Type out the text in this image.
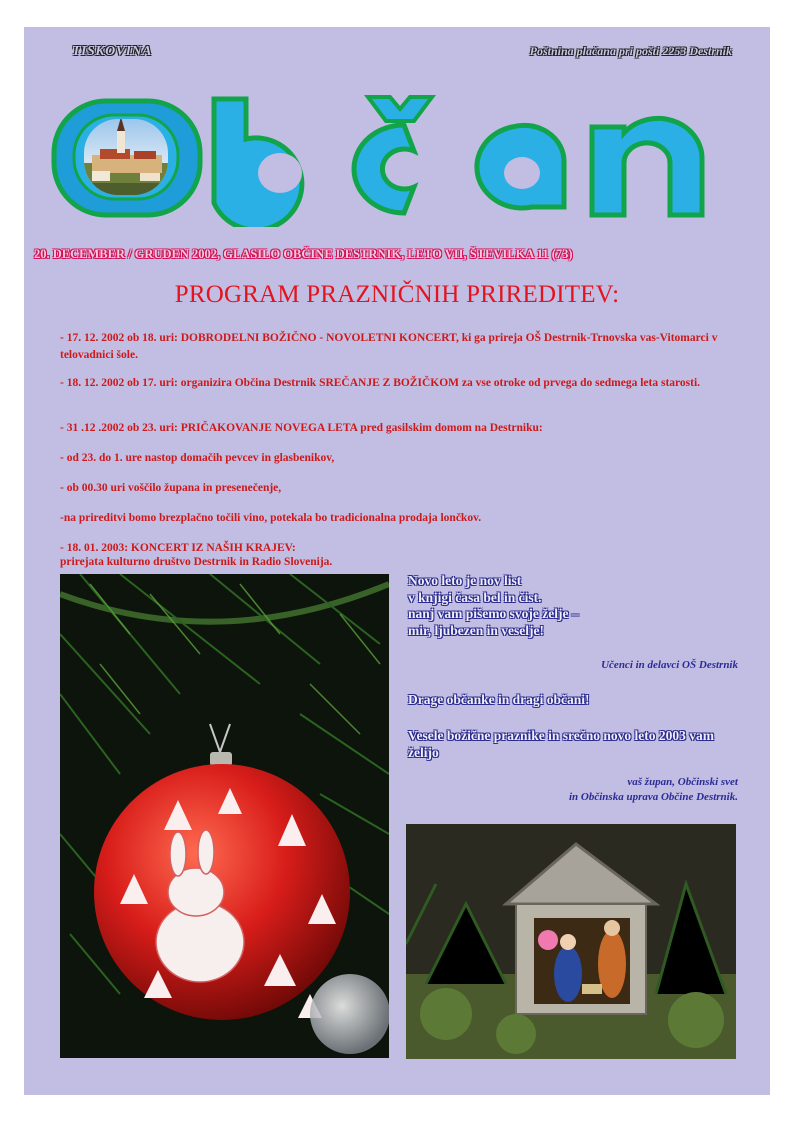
TISKOVINA	Poštnina plačana pri pošti 2253 Destrnik
20. DECEMBER / GRUDEN 2002, GLASILO OBČINE DESTRNIK, LETO VII, ŠTEVILKA 11 (73)
PROGRAM PRAZNIČNIH PRIREDITEV:

- 17. 12. 2002 ob 18. uri: DOBRODELNI BOŽIČNO - NOVOLETNI KONCERT, ki ga prireja OŠ Destrnik-Trnovska vas-Vitomarci v telovadnici šole.

- 18. 12. 2002 ob 17. uri: organizira Občina Destrnik SREČANJE Z BOŽIČKOM za vse otroke od prvega do sedmega leta starosti.

- 31 .12 .2002 ob 23. uri: PRIČAKOVANJE NOVEGA LETA pred gasilskim domom na Destrniku:

- od 23. do 1. ure nastop domačih pevcev in glasbenikov,

- ob 00.30 uri voščilo župana in presenečenje,

-na prireditvi bomo brezplačno točili vino, potekala bo tradicionalna prodaja lončkov.

- 18. 01. 2003: KONCERT IZ NAŠIH KRAJEV:

prirejata kulturno društvo Destrnik in Radio Slovenija.

Novo leto je nov list
v knjigi časa bel in čist.
nanj vam pišemo svoje želje –
mir, ljubezen in veselje!
Učenci in delavci OŠ Destrnik
Drage občanke in dragi občani!
Vesele božične praznike in srečno novo leto 2003 vam želijo
vaš župan, Občinski svet
in Občinska uprava Občine Destrnik.
